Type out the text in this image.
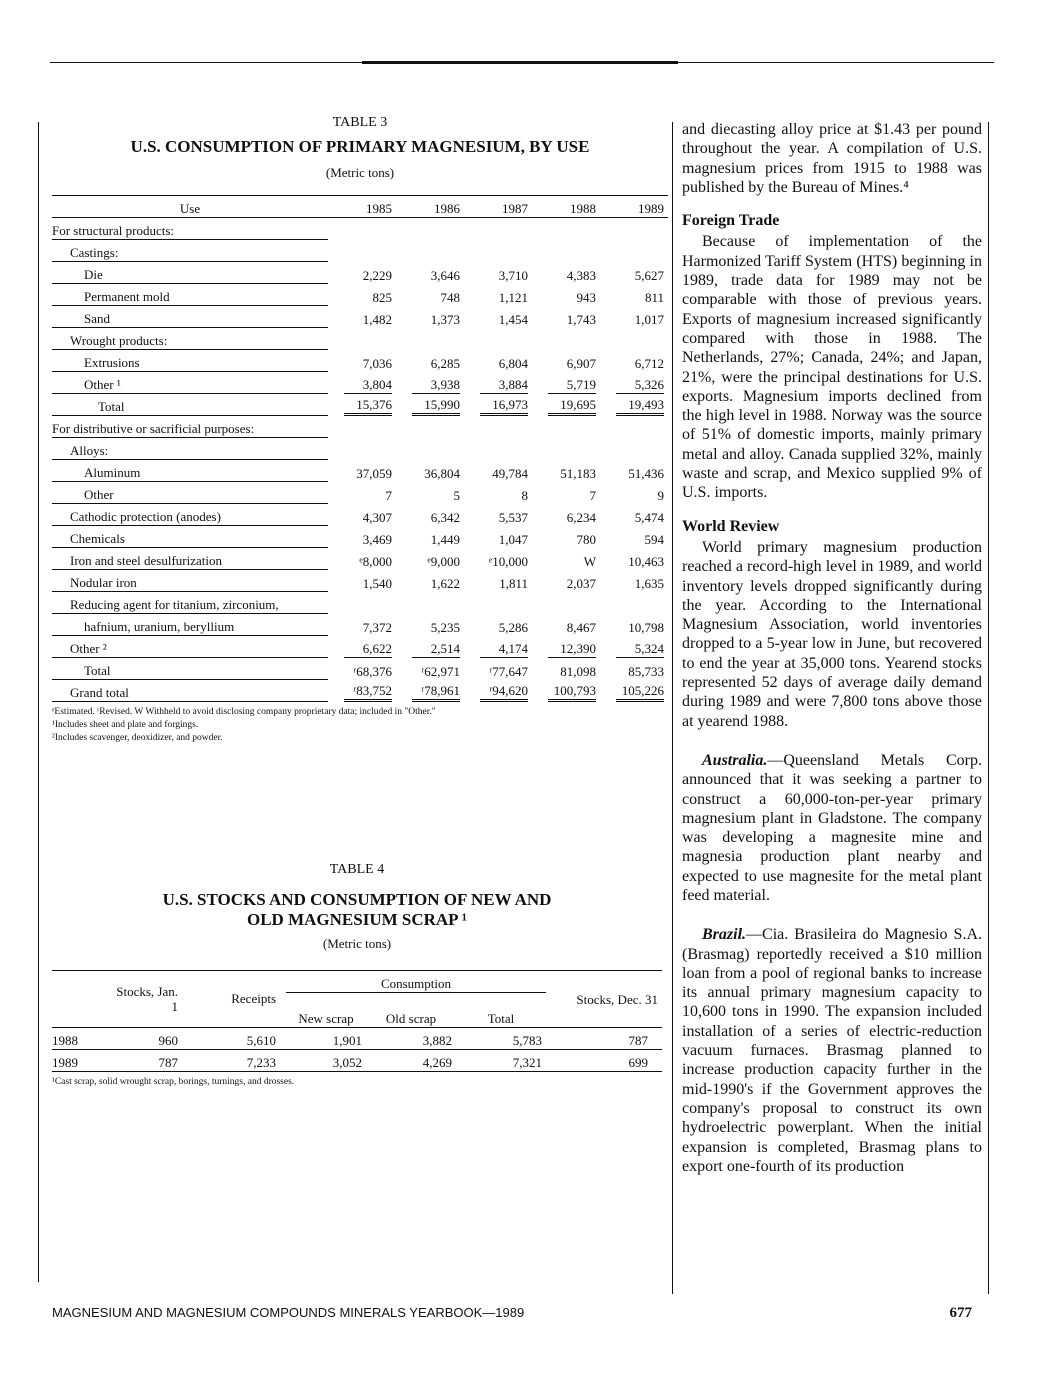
TABLE 3
U.S. CONSUMPTION OF PRIMARY MAGNESIUM, BY USE
(Metric tons)
Use	1985	1986	1987	1988	1989
For structural products:					
Castings:					
Die	2,229	3,646	3,710	4,383	5,627
Permanent mold	825	748	1,121	943	811
Sand	1,482	1,373	1,454	1,743	1,017
Wrought products:					
Extrusions	7,036	6,285	6,804	6,907	6,712
Other ¹	3,804	3,938	3,884	5,719	5,326
Total	15,376	15,990	16,973	19,695	19,493
For distributive or sacrificial purposes:					
Alloys:					
Aluminum	37,059	36,804	49,784	51,183	51,436
Other	7	5	8	7	9
Cathodic protection (anodes)	4,307	6,342	5,537	6,234	5,474
Chemicals	3,469	1,449	1,047	780	594
Iron and steel desulfurization	ᵉ8,000	ᵉ9,000	ᵉ10,000	W	10,463
Nodular iron	1,540	1,622	1,811	2,037	1,635
Reducing agent for titanium, zirconium,					
hafnium, uranium, beryllium	7,372	5,235	5,286	8,467	10,798
Other ²	6,622	2,514	4,174	12,390	5,324
Total	ʳ68,376	ʳ62,971	ʳ77,647	81,098	85,733
Grand total	ʳ83,752	ʳ78,961	ʳ94,620	100,793	105,226
ᵉEstimated. ʳRevised. W Withheld to avoid disclosing company proprietary data; included in "Other."
¹Includes sheet and plate and forgings.
²Includes scavenger, deoxidizer, and powder.
TABLE 4
U.S. STOCKS AND CONSUMPTION OF NEW AND
OLD MAGNESIUM SCRAP ¹
(Metric tons)
	Stocks, Jan. 1	Receipts	Consumption			Stocks, Dec. 31
			New scrap	Old scrap	Total	
1988	960	5,610	1,901	3,882	5,783	787
1989	787	7,233	3,052	4,269	7,321	699
¹Cast scrap, solid wrought scrap, borings, turnings, and drosses.

and diecasting alloy price at $1.43 per pound throughout the year. A compilation of U.S. magnesium prices from 1915 to 1988 was published by the Bureau of Mines.⁴

Foreign Trade

Because of implementation of the Harmonized Tariff System (HTS) beginning in 1989, trade data for 1989 may not be comparable with those of previous years. Exports of magnesium increased significantly compared with those in 1988. The Netherlands, 27%; Canada, 24%; and Japan, 21%, were the principal destinations for U.S. exports. Magnesium imports declined from the high level in 1988. Norway was the source of 51% of domestic imports, mainly primary metal and alloy. Canada supplied 32%, mainly waste and scrap, and Mexico supplied 9% of U.S. imports.

World Review

World primary magnesium production reached a record-high level in 1989, and world inventory levels dropped significantly during the year. According to the International Magnesium Association, world inventories dropped to a 5-year low in June, but recovered to end the year at 35,000 tons. Yearend stocks represented 52 days of average daily demand during 1989 and were 7,800 tons above those at yearend 1988.

Australia.—Queensland Metals Corp. announced that it was seeking a partner to construct a 60,000-ton-per-year primary magnesium plant in Gladstone. The company was developing a magnesite mine and magnesia production plant nearby and expected to use magnesite for the metal plant feed material.

Brazil.—Cia. Brasileira do Magnesio S.A. (Brasmag) reportedly received a $10 million loan from a pool of regional banks to increase its annual primary magnesium capacity to 10,600 tons in 1990. The expansion included installation of a series of electric-reduction vacuum furnaces. Brasmag planned to increase production capacity further in the mid-1990's if the Government approves the company's proposal to construct its own hydroelectric powerplant. When the initial expansion is completed, Brasmag plans to export one-fourth of its production

MAGNESIUM AND MAGNESIUM COMPOUNDS MINERALS YEARBOOK—1989	677
